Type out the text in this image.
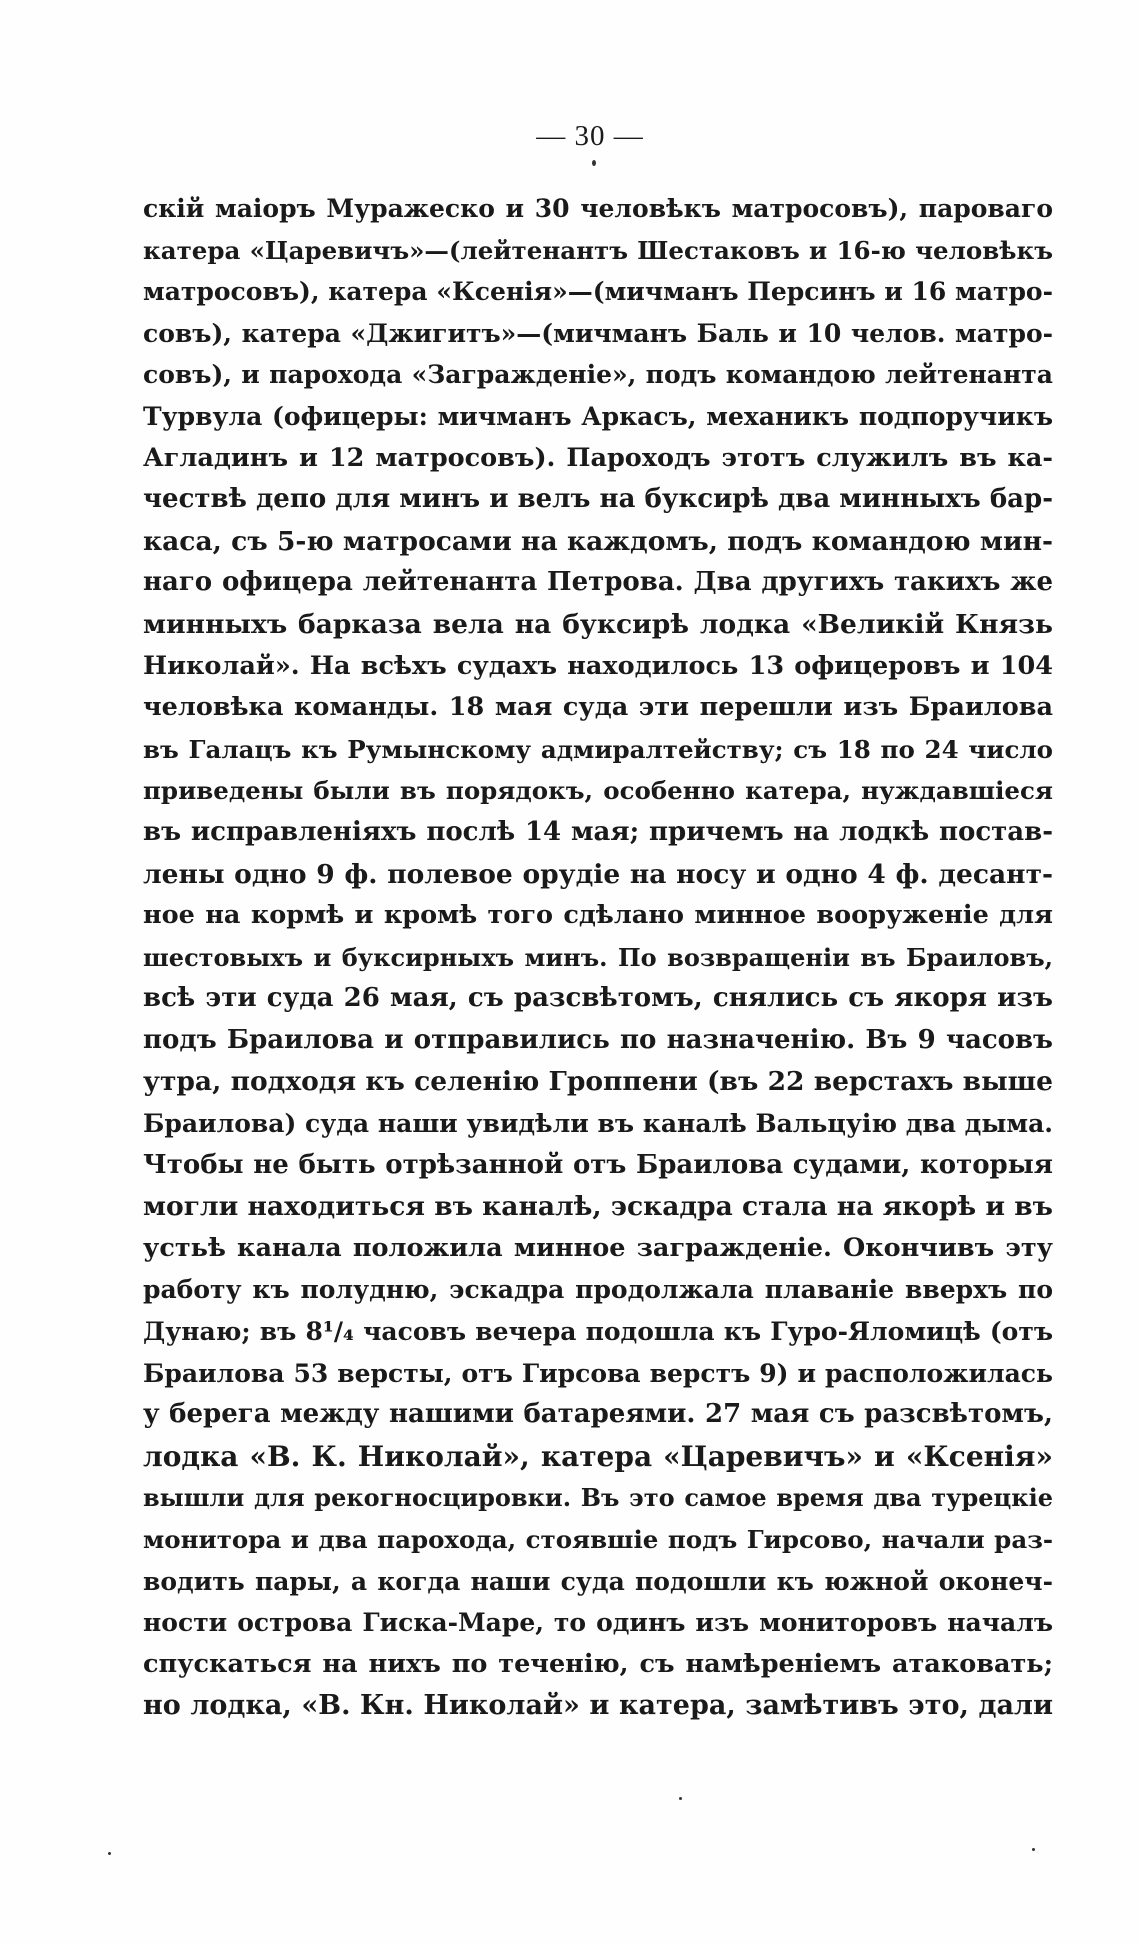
— 30 —
скій маіоръ Муражеско и 30 человѣкъ матросовъ), пароваго
катера «Царевичъ»—(лейтенантъ Шестаковъ и 16-ю человѣкъ
матросовъ), катера «Ксенія»—(мичманъ Персинъ и 16 матро-
совъ), катера «Джигитъ»—(мичманъ Баль и 10 челов. матро-
совъ), и парохода «Загражденіе», подъ командою лейтенанта
Турвула (офицеры: мичманъ Аркасъ, механикъ подпоручикъ
Агладинъ и 12 матросовъ). Пароходъ этотъ служилъ въ ка-
чествѣ депо для минъ и велъ на буксирѣ два минныхъ бар-
каса, съ 5-ю матросами на каждомъ, подъ командою мин-
наго офицера лейтенанта Петрова. Два другихъ такихъ же
минныхъ барказа вела на буксирѣ лодка «Великій Князь
Николай». На всѣхъ судахъ находилось 13 офицеровъ и 104
человѣка команды. 18 мая суда эти перешли изъ Браилова
въ Галацъ къ Румынскому адмиралтейству; съ 18 по 24 число
приведены были въ порядокъ, особенно катера, нуждавшіеся
въ исправленіяхъ послѣ 14 мая; причемъ на лодкѣ постав-
лены одно 9 ф. полевое орудіе на носу и одно 4 ф. десант-
ное на кормѣ и кромѣ того сдѣлано минное вооруженіе для
шестовыхъ и буксирныхъ минъ. По возвращеніи въ Браиловъ,
всѣ эти суда 26 мая, съ разсвѣтомъ, снялись съ якоря изъ
подъ Браилова и отправились по назначенію. Въ 9 часовъ
утра, подходя къ селенію Гроппени (въ 22 верстахъ выше
Браилова) суда наши увидѣли въ каналѣ Вальцуію два дыма.
Чтобы не быть отрѣзанной отъ Браилова судами, которыя
могли находиться въ каналѣ, эскадра стала на якорѣ и въ
устьѣ канала положила минное загражденіе. Окончивъ эту
работу къ полудню, эскадра продолжала плаваніе вверхъ по
Дунаю; въ 8¹/₄ часовъ вечера подошла къ Гуро-Яломицѣ (отъ
Браилова 53 версты, отъ Гирсова верстъ 9) и расположилась
у берега между нашими батареями. 27 мая съ разсвѣтомъ,
лодка «В. К. Николай», катера «Царевичъ» и «Ксенія»
вышли для рекогносцировки. Въ это самое время два турецкіе
монитора и два парохода, стоявшіе подъ Гирсово, начали раз-
водить пары, а когда наши суда подошли къ южной оконеч-
ности острова Гиска-Маре, то одинъ изъ мониторовъ началъ
спускаться на нихъ по теченію, съ намѣреніемъ атаковать;
но лодка, «В. Кн. Николай» и катера, замѣтивъ это, дали
